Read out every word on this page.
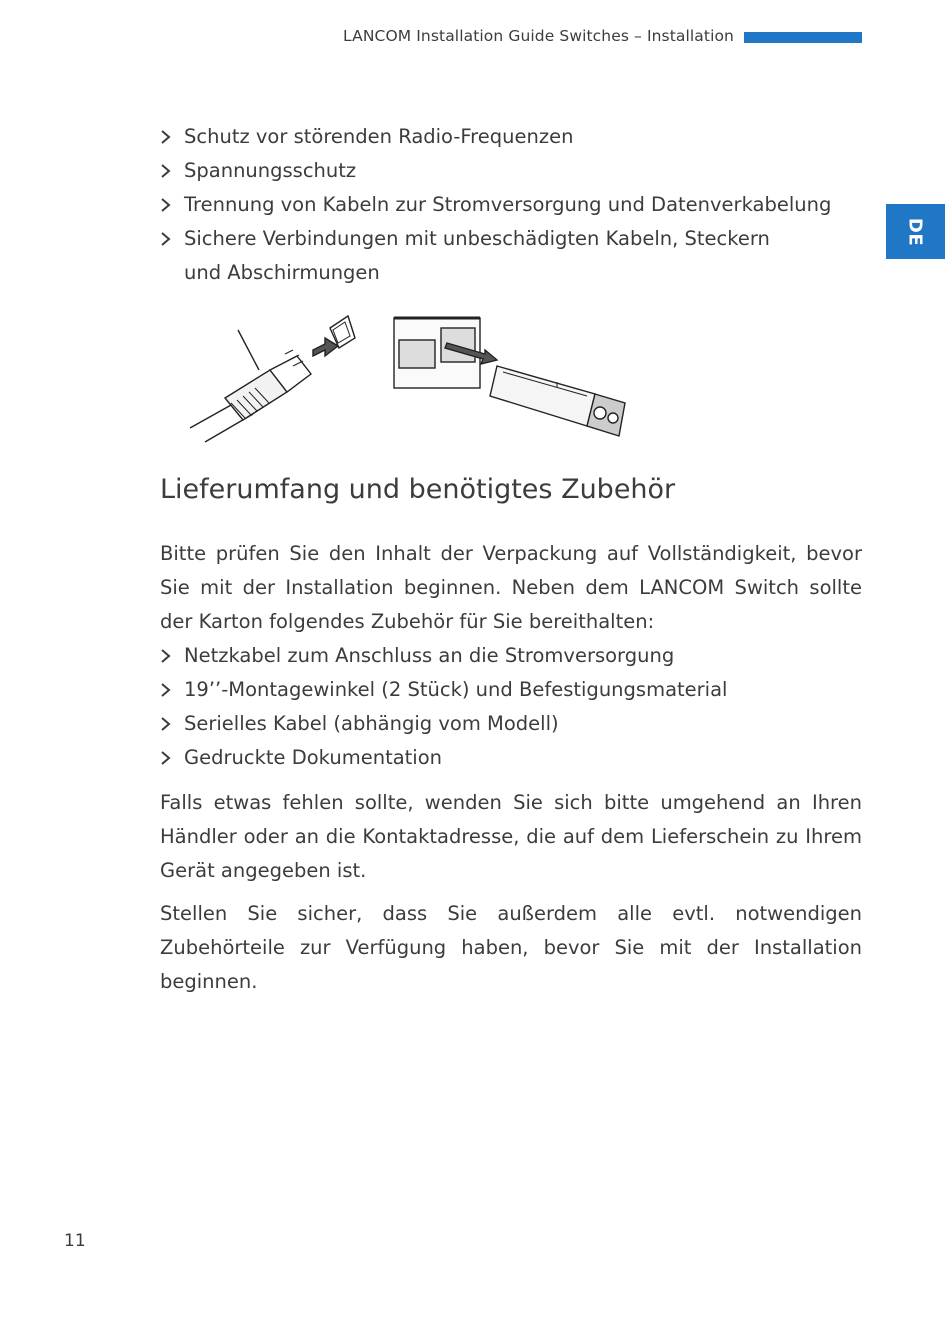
LANCOM Installation Guide Switches – Installation
DE
Schutz vor störenden Radio-Frequenzen
Spannungsschutz
Trennung von Kabeln zur Stromversorgung und Datenverkabelung
Sichere Verbindungen mit unbeschädigten Kabeln, Steckern und Abschirmungen
Lieferumfang und benötigtes Zubehör

Bitte prüfen Sie den Inhalt der Verpackung auf Vollständigkeit, bevor Sie mit der Installation beginnen. Neben dem LANCOM Switch sollte der Karton folgendes Zubehör für Sie bereithalten:

Netzkabel zum Anschluss an die Stromversorgung
19’’-Montagewinkel (2 Stück) und Befestigungsmaterial
Serielles Kabel (abhängig vom Modell)
Gedruckte Dokumentation

Falls etwas fehlen sollte, wenden Sie sich bitte umgehend an Ihren Händler oder an die Kontaktadresse, die auf dem Lieferschein zu Ihrem Gerät angegeben ist.

Stellen Sie sicher, dass Sie außerdem alle evtl. notwendigen Zubehörteile zur Verfügung haben, bevor Sie mit der Installation beginnen.

11
